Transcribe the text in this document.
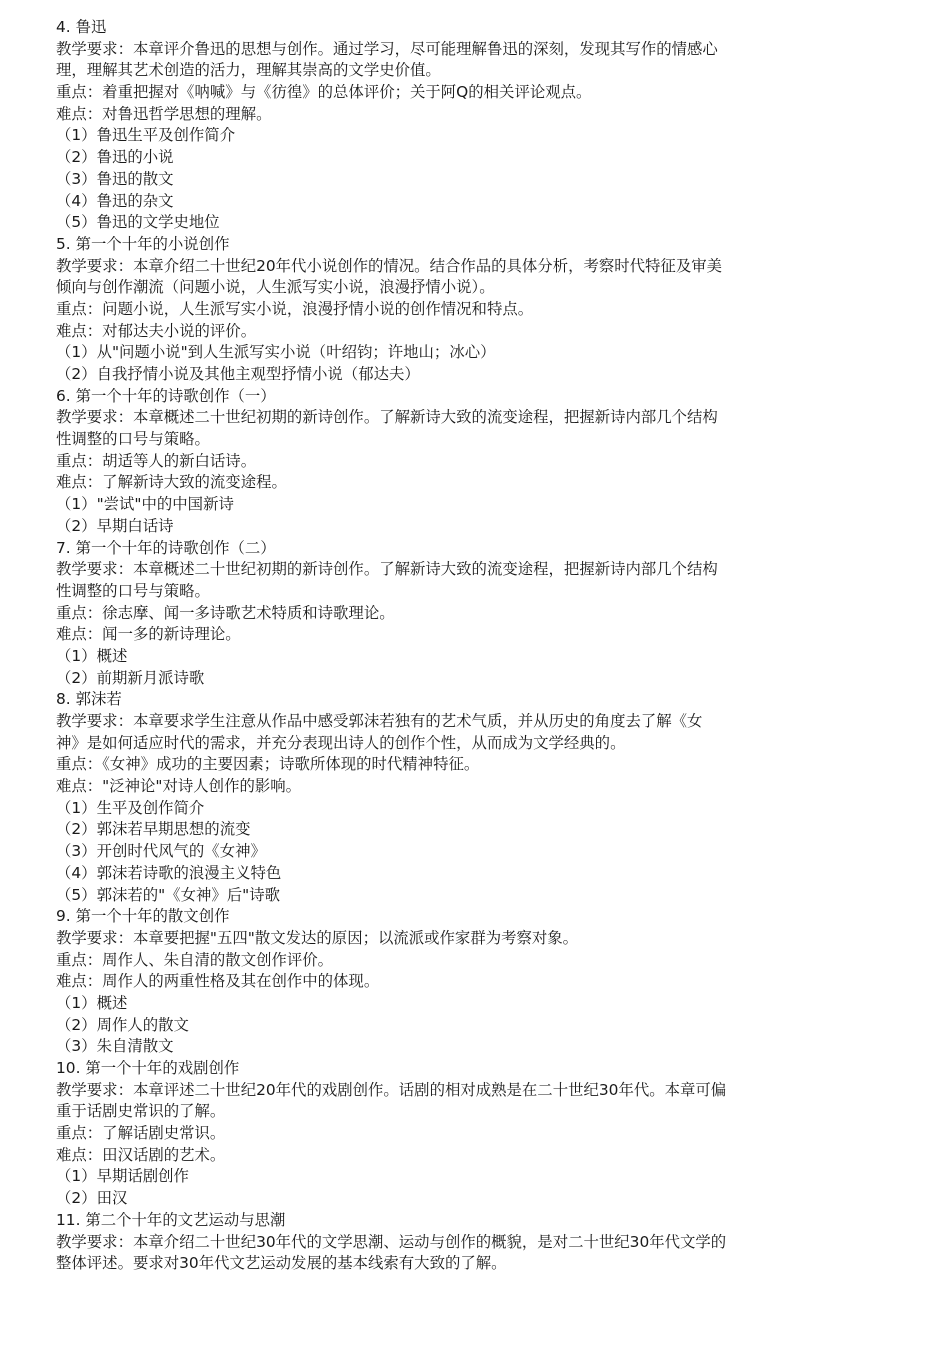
4. 鲁迅
教学要求：本章评介鲁迅的思想与创作。通过学习，尽可能理解鲁迅的深刻，发现其写作的情感心
理，理解其艺术创造的活力，理解其崇高的文学史价值。
重点：着重把握对《呐喊》与《彷徨》的总体评价；关于阿Q的相关评论观点。
难点：对鲁迅哲学思想的理解。
（1）鲁迅生平及创作简介
（2）鲁迅的小说
（3）鲁迅的散文
（4）鲁迅的杂文
（5）鲁迅的文学史地位
5. 第一个十年的小说创作
教学要求：本章介绍二十世纪20年代小说创作的情况。结合作品的具体分析，考察时代特征及审美
倾向与创作潮流（问题小说，人生派写实小说，浪漫抒情小说）。
重点：问题小说，人生派写实小说，浪漫抒情小说的创作情况和特点。
难点：对郁达夫小说的评价。
（1）从"问题小说"到人生派写实小说（叶绍钧；许地山；冰心）
（2）自我抒情小说及其他主观型抒情小说（郁达夫）
6. 第一个十年的诗歌创作（一）
教学要求：本章概述二十世纪初期的新诗创作。了解新诗大致的流变途程，把握新诗内部几个结构
性调整的口号与策略。
重点：胡适等人的新白话诗。
难点：了解新诗大致的流变途程。
（1）"尝试"中的中国新诗
（2）早期白话诗
7. 第一个十年的诗歌创作（二）
教学要求：本章概述二十世纪初期的新诗创作。了解新诗大致的流变途程，把握新诗内部几个结构
性调整的口号与策略。
重点：徐志摩、闻一多诗歌艺术特质和诗歌理论。
难点：闻一多的新诗理论。
（1）概述
（2）前期新月派诗歌
8. 郭沫若
教学要求：本章要求学生注意从作品中感受郭沫若独有的艺术气质，并从历史的角度去了解《女
神》是如何适应时代的需求，并充分表现出诗人的创作个性，从而成为文学经典的。
重点：《女神》成功的主要因素；诗歌所体现的时代精神特征。
难点："泛神论"对诗人创作的影响。
（1）生平及创作简介
（2）郭沫若早期思想的流变
（3）开创时代风气的《女神》
（4）郭沫若诗歌的浪漫主义特色
（5）郭沫若的"《女神》后"诗歌
9. 第一个十年的散文创作
教学要求：本章要把握"五四"散文发达的原因；以流派或作家群为考察对象。
重点：周作人、朱自清的散文创作评价。
难点：周作人的两重性格及其在创作中的体现。
（1）概述
（2）周作人的散文
（3）朱自清散文
10. 第一个十年的戏剧创作
教学要求：本章评述二十世纪20年代的戏剧创作。话剧的相对成熟是在二十世纪30年代。本章可偏
重于话剧史常识的了解。
重点：了解话剧史常识。
难点：田汉话剧的艺术。
（1）早期话剧创作
（2）田汉
11. 第二个十年的文艺运动与思潮
教学要求：本章介绍二十世纪30年代的文学思潮、运动与创作的概貌，是对二十世纪30年代文学的
整体评述。要求对30年代文艺运动发展的基本线索有大致的了解。
